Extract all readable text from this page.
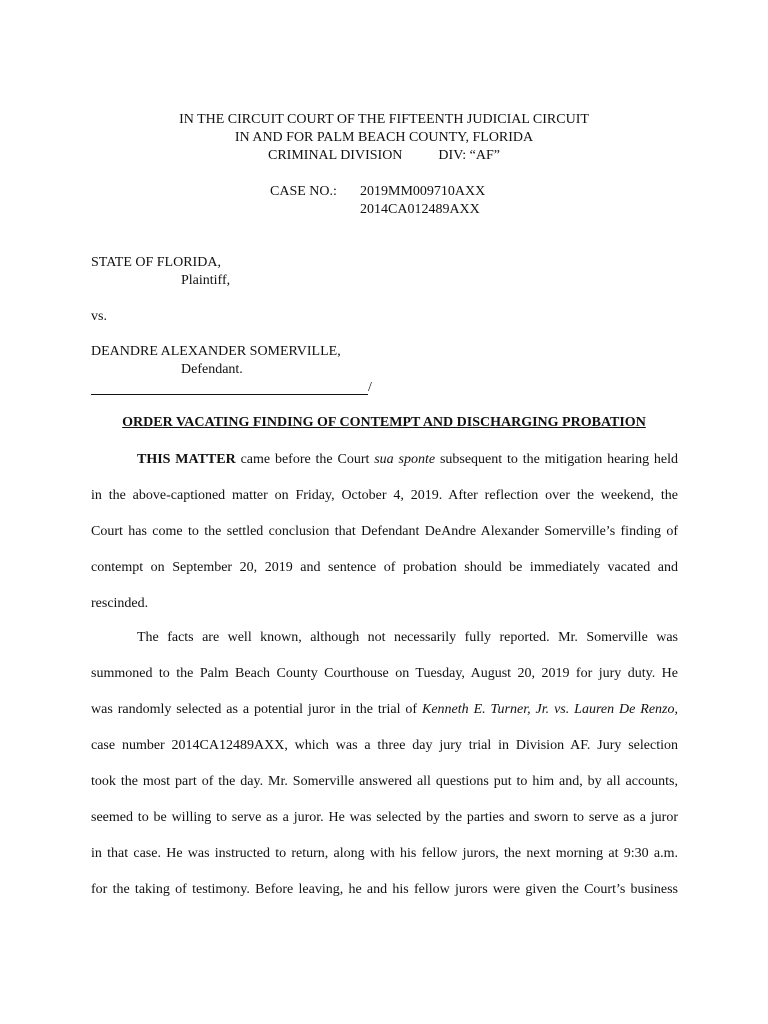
IN THE CIRCUIT COURT OF THE FIFTEENTH JUDICIAL CIRCUIT
IN AND FOR PALM BEACH COUNTY, FLORIDA
CRIMINAL DIVISION	DIV: “AF”
CASE NO.: 2019MM009710AXX
2014CA012489AXX
STATE OF FLORIDA,
Plaintiff,
vs.
DEANDRE ALEXANDER SOMERVILLE,
Defendant.
/
ORDER VACATING FINDING OF CONTEMPT AND DISCHARGING PROBATION
THIS MATTER came before the Court sua sponte subsequent to the mitigation hearing held
in the above-captioned matter on Friday, October 4, 2019. After reflection over the weekend, the
Court has come to the settled conclusion that Defendant DeAndre Alexander Somerville’s finding of
contempt on September 20, 2019 and sentence of probation should be immediately vacated and
rescinded.
The facts are well known, although not necessarily fully reported. Mr. Somerville was
summoned to the Palm Beach County Courthouse on Tuesday, August 20, 2019 for jury duty. He
was randomly selected as a potential juror in the trial of Kenneth E. Turner, Jr. vs. Lauren De Renzo,
case number 2014CA12489AXX, which was a three day jury trial in Division AF. Jury selection
took the most part of the day. Mr. Somerville answered all questions put to him and, by all accounts,
seemed to be willing to serve as a juror. He was selected by the parties and sworn to serve as a juror
in that case. He was instructed to return, along with his fellow jurors, the next morning at 9:30 a.m.
for the taking of testimony. Before leaving, he and his fellow jurors were given the Court’s business
